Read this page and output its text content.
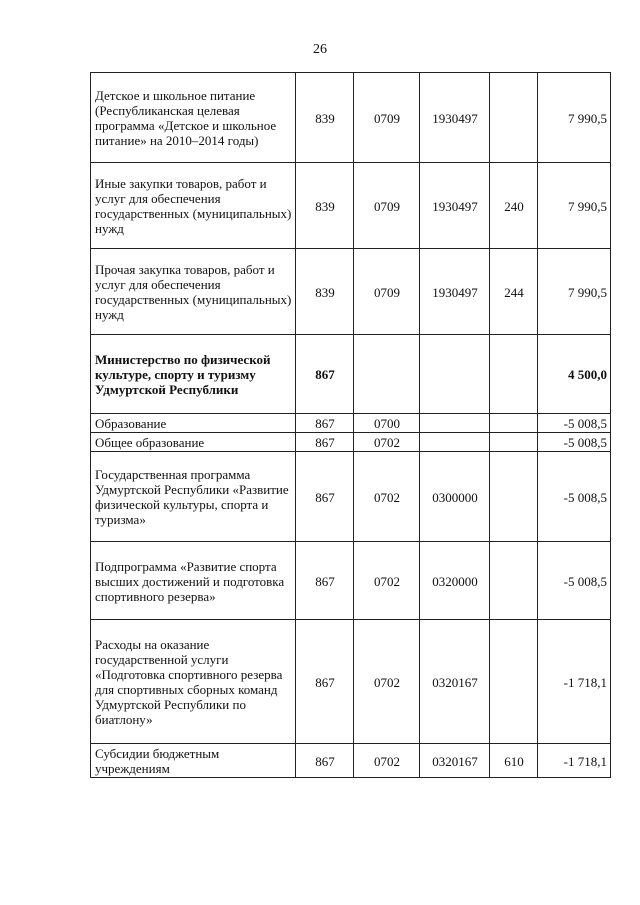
26
Детское и школьное питание (Республиканская целевая программа «Детское и школьное питание» на 2010–2014 годы)	839	0709	1930497		7 990,5
Иные закупки товаров, работ и услуг для обеспечения государственных (муниципальных) нужд	839	0709	1930497	240	7 990,5
Прочая закупка товаров, работ и услуг для обеспечения государственных (муниципальных) нужд	839	0709	1930497	244	7 990,5
Министерство по физической культуре, спорту и туризму Удмуртской Республики	867				4 500,0
Образование	867	0700			-5 008,5
Общее образование	867	0702			-5 008,5
Государственная программа Удмуртской Республики «Развитие физической культуры, спорта и туризма»	867	0702	0300000		-5 008,5
Подпрограмма «Развитие спорта высших достижений и подготовка спортивного резерва»	867	0702	0320000		-5 008,5
Расходы на оказание государственной услуги «Подготовка спортивного резерва для спортивных сборных команд Удмуртской Республики по биатлону»	867	0702	0320167		-1 718,1
Субсидии бюджетным учреждениям	867	0702	0320167	610	-1 718,1
